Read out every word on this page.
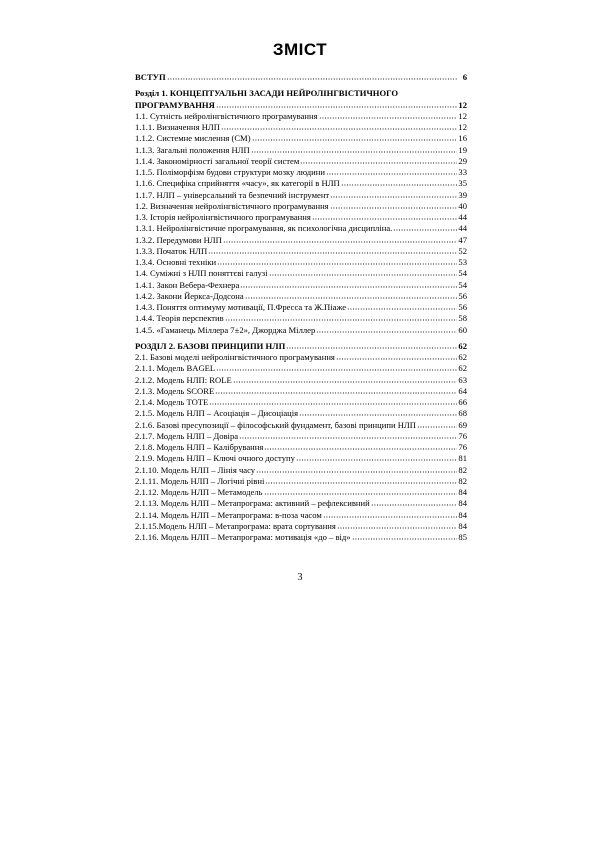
ЗМІСТ
ВСТУП	6
Розділ 1. КОНЦЕПТУАЛЬНІ ЗАСАДИ НЕЙРОЛІНГВІСТИЧНОГО
ПРОГРАМУВАННЯ	12
1.1. Сутність нейролінгвістичного програмування	12
1.1.1. Визначення НЛП	12
1.1.2. Системне мислення (СМ)	16
1.1.3. Загальні положення НЛП	19
1.1.4. Закономірності загальної теорії систем	29
1.1.5. Поліморфізм будови структури мозку людини	33
1.1.6. Специфіка сприйняття «часу», як категорії в НЛП	35
1.1.7. НЛП – універсальний та безпечний інструмент	39
1.2. Визначення нейролінгвістичного програмування	40
1.3. Історія нейролінгвістичного програмування	44
1.3.1. Нейролінгвістичне програмування, як психологічна дисципліна.	44
1.3.2. Передумови НЛП	47
1.3.3. Початок НЛП	52
1.3.4. Основні техніки	53
1.4. Суміжні з НЛП поняттєві галузі	54
1.4.1. Закон Вебера-Фехнера	54
1.4.2. Закони Йеркса-Додсона	56
1.4.3. Поняття оптимуму мотивації, П.Фресса та Ж.Піаже	56
1.4.4. Теорія перспектив	58
1.4.5. «Гаманець Міллера 7±2», Джорджа Міллер	60
РОЗДІЛ 2. БАЗОВІ ПРИНЦИПИ НЛП	62
2.1. Базові моделі нейролінгвістичного програмування	62
2.1.1. Модель BAGEL	62
2.1.2. Модель НЛП: ROLE	63
2.1.3. Модель SCORE	64
2.1.4. Модель TOTE	66
2.1.5. Модель НЛП – Асоціація – Дисоціація	68
2.1.6. Базові пресупозиції – філософський фундамент, базові принципи НЛП	69
2.1.7. Модель НЛП – Довіра	76
2.1.8. Модель НЛП – Калібрування	76
2.1.9. Модель НЛП – Ключі очного доступу	81
2.1.10. Модель НЛП – Лінія часу	82
2.1.11. Модель НЛП – Логічні рівні	82
2.1.12. Модель НЛП – Метамодель	84
2.1.13. Модель НЛП – Метапрограма: активний – рефлексивний	84
2.1.14. Модель НЛП – Метапрограма: в-поза часом	84
2.1.15.Модель НЛП – Метапрограма: врата сортування	84
2.1.16. Модель НЛП – Метапрограма: мотивація «до – від»	85
3
